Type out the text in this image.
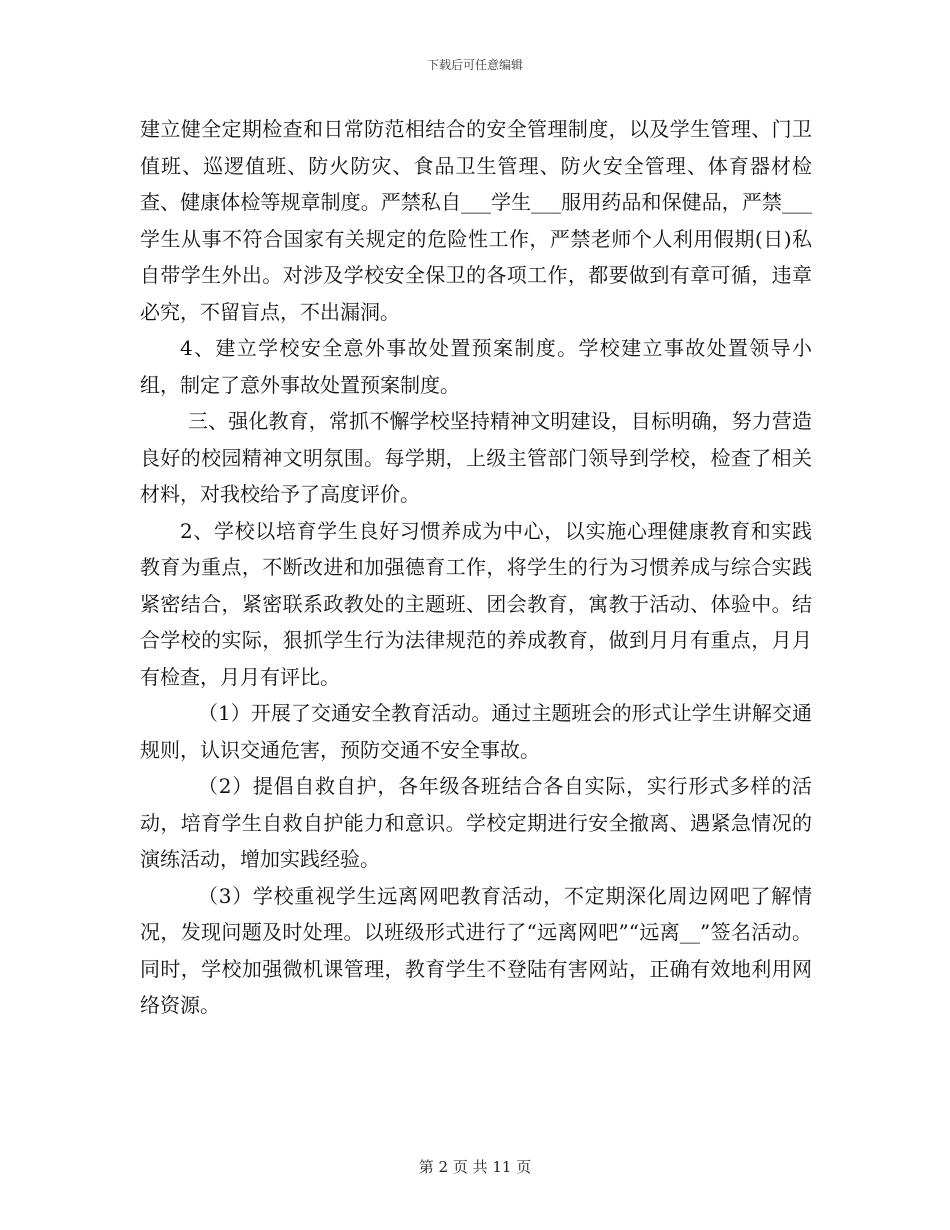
下载后可任意编辑

建立健全定期检查和日常防范相结合的安全管理制度，以及学生管理、门卫值班、巡逻值班、防火防灾、食品卫生管理、防火安全管理、体育器材检查、健康体检等规章制度。严禁私自___学生___服用药品和保健品，严禁___学生从事不符合国家有关规定的危险性工作，严禁老师个人利用假期(日)私自带学生外出。对涉及学校安全保卫的各项工作，都要做到有章可循，违章必究，不留盲点，不出漏洞。

4、建立学校安全意外事故处置预案制度。学校建立事故处置领导小组，制定了意外事故处置预案制度。

三、强化教育，常抓不懈学校坚持精神文明建设，目标明确，努力营造良好的校园精神文明氛围。每学期，上级主管部门领导到学校，检查了相关材料，对我校给予了高度评价。

2、学校以培育学生良好习惯养成为中心，以实施心理健康教育和实践教育为重点，不断改进和加强德育工作，将学生的行为习惯养成与综合实践紧密结合，紧密联系政教处的主题班、团会教育，寓教于活动、体验中。结合学校的实际，狠抓学生行为法律规范的养成教育，做到月月有重点，月月有检查，月月有评比。

（1）开展了交通安全教育活动。通过主题班会的形式让学生讲解交通规则，认识交通危害，预防交通不安全事故。

（2）提倡自救自护，各年级各班结合各自实际，实行形式多样的活动，培育学生自救自护能力和意识。学校定期进行安全撤离、遇紧急情况的演练活动，增加实践经验。

（3）学校重视学生远离网吧教育活动，不定期深化周边网吧了解情况，发现问题及时处理。以班级形式进行了“远离网吧”“远离__”签名活动。同时，学校加强微机课管理，教育学生不登陆有害网站，正确有效地利用网络资源。

第 2 页 共 11 页
